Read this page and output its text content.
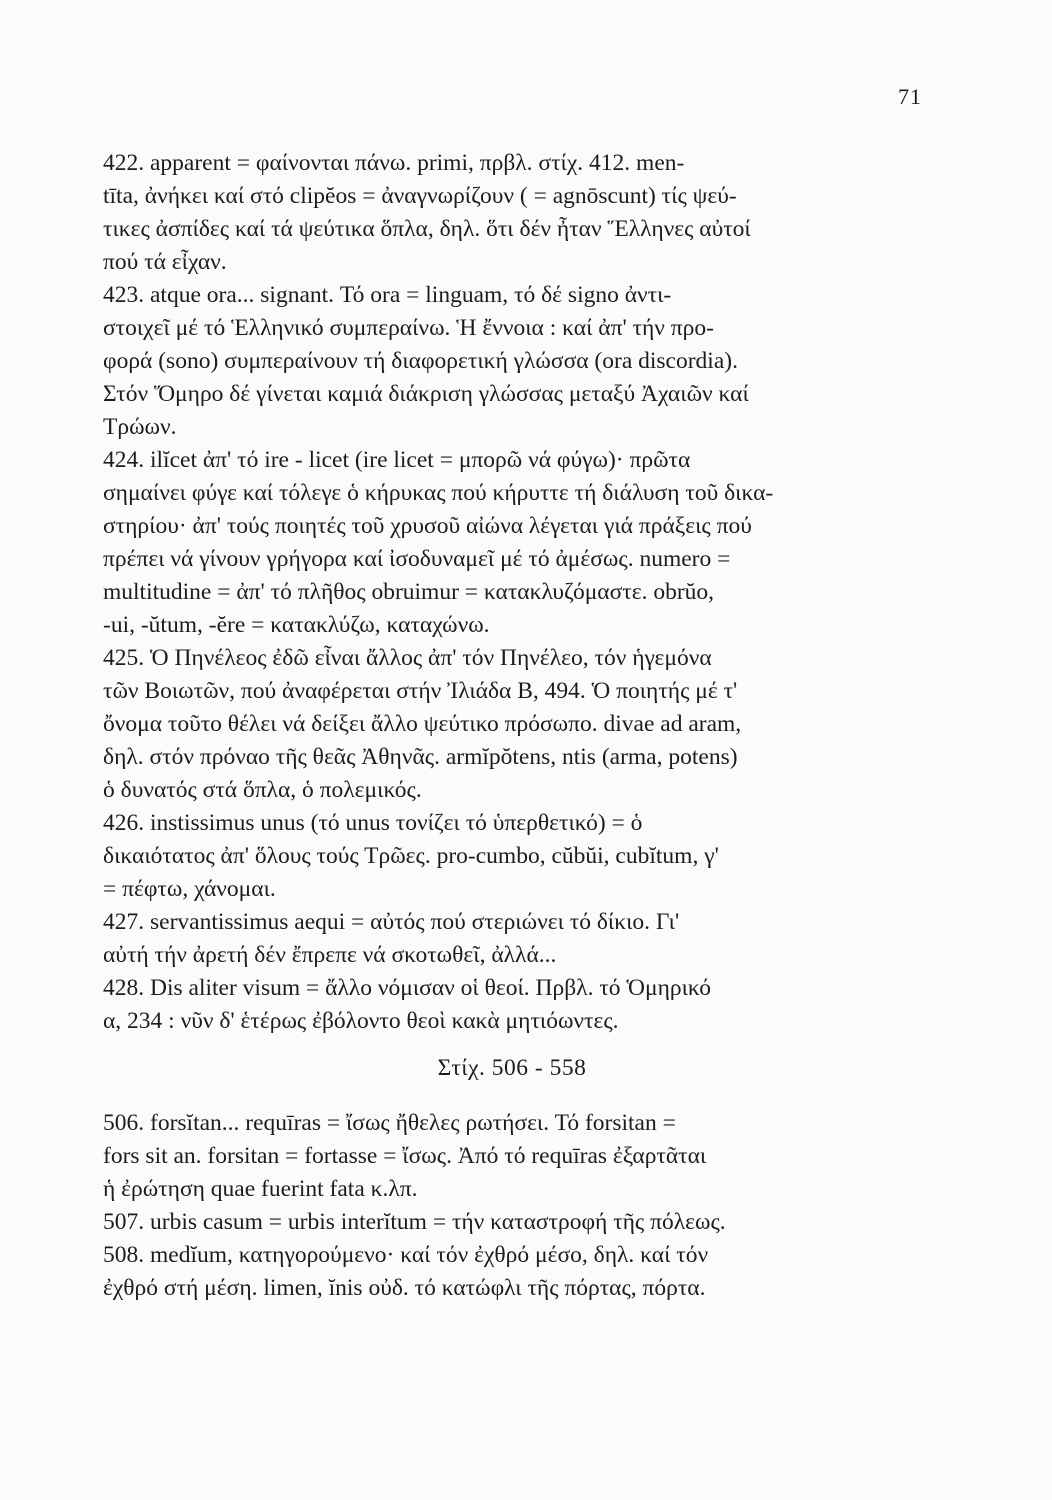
71
422. apparent = φαίνονται πάνω. primi, πρβλ. στίχ. 412. men-
tīta, ἀνήκει καί στό clipĕos = ἀναγνωρίζουν ( = agnōscunt) τίς ψεύ-
τικες ἀσπίδες καί τά ψεύτικα ὅπλα, δηλ. ὅτι δέν ἦταν Ἕλληνες αὐτοί
πού τά εἶχαν.
423. atque ora... signant. Τό ora = linguam, τό δέ signo ἀντι-
στοιχεῖ μέ τό Ἑλληνικό συμπεραίνω. Ἡ ἔννοια : καί ἀπ' τήν προ-
φορά (sono) συμπεραίνουν τή διαφορετική γλώσσα (ora discordia).
Στόν Ὅμηρο δέ γίνεται καμιά διάκριση γλώσσας μεταξύ Ἀχαιῶν καί
Τρώων.
424. ilĭcet ἀπ' τό ire - licet (ire licet = μπορῶ νά φύγω)· πρῶτα
σημαίνει φύγε καί τόλεγε ὁ κήρυκας πού κήρυττε τή διάλυση τοῦ δικα-
στηρίου· ἀπ' τούς ποιητές τοῦ χρυσοῦ αἰώνα λέγεται γιά πράξεις πού
πρέπει νά γίνουν γρήγορα καί ἰσοδυναμεῖ μέ τό ἀμέσως. numero =
multitudine = ἀπ' τό πλῆθος obruimur = κατακλυζόμαστε. obrŭo,
-ui, -ŭtum, -ĕre = κατακλύζω, καταχώνω.
425. Ὁ Πηνέλεος ἐδῶ εἶναι ἄλλος ἀπ' τόν Πηνέλεο, τόν ἡγεμόνα
τῶν Βοιωτῶν, πού ἀναφέρεται στήν Ἰλιάδα Β, 494. Ὁ ποιητής μέ τ'
ὄνομα τοῦτο θέλει νά δείξει ἄλλο ψεύτικο πρόσωπο. divae ad aram,
δηλ. στόν πρόναο τῆς θεᾶς Ἀθηνᾶς. armĭpŏtens, ntis (arma, potens)
ὁ δυνατός στά ὅπλα, ὁ πολεμικός.
426. instissimus unus (τό unus τονίζει τό ὑπερθετικό) = ὁ
δικαιότατος ἀπ' ὅλους τούς Τρῶες. pro-cumbo, cŭbŭi, cubĭtum, γ'
= πέφτω, χάνομαι.
427. servantissimus aequi = αὐτός πού στεριώνει τό δίκιο. Γι'
αὐτή τήν ἀρετή δέν ἔπρεπε νά σκοτωθεῖ, ἀλλά...
428. Dis aliter visum = ἄλλο νόμισαν οἱ θεοί. Πρβλ. τό Ὁμηρικό
α, 234 : νῦν δ' ἑτέρως ἐβόλοντο θεοὶ κακὰ μητιόωντες.
Στίχ. 506 - 558
506. forsĭtan... requīras = ἴσως ἤθελες ρωτήσει. Τό forsitan =
fors sit an. forsitan = fortasse = ἴσως. Ἀπό τό requīras ἐξαρτᾶται
ἡ ἐρώτηση quae fuerint fata κ.λπ.
507. urbis casum = urbis interĭtum = τήν καταστροφή τῆς πόλεως.
508. medĭum, κατηγορούμενο· καί τόν ἐχθρό μέσο, δηλ. καί τόν
ἐχθρό στή μέση. limen, ĭnis οὐδ. τό κατώφλι τῆς πόρτας, πόρτα.
